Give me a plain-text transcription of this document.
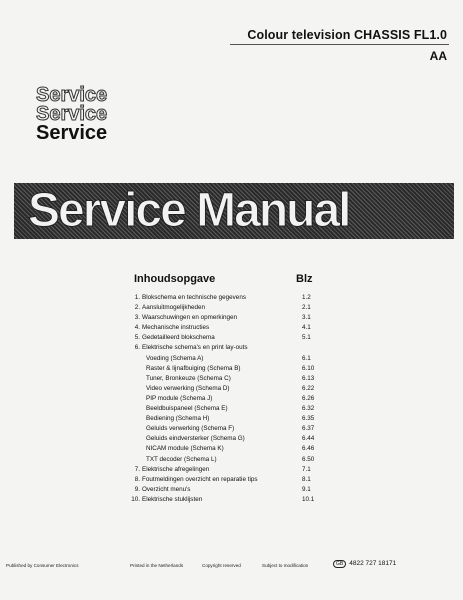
Colour television CHASSIS FL1.0
AA
Service
Service
Service
Service Manual
Inhoudsopgave	Blz
1. Blokschema en technische gegevens	1.2
2. Aansluitmogelijkheden	2.1
3. Waarschuwingen en opmerkingen	3.1
4. Mechanische instructies	4.1
5. Gedetailleerd blokschema	5.1
6. Elektrische schema's en print lay-outs
Voeding (Schema A)	6.1
Raster & lijnafbuiging (Schema B)	6.10
Tuner, Bronkeuze (Schema C)	6.13
Video verwerking (Schema D)	6.22
PIP module (Schema J)	6.26
Beeldbuispaneel (Schema E)	6.32
Bediening (Schema H)	6.35
Geluids verwerking (Schema F)	6.37
Geluids eindversterker (Schema G)	6.44
NICAM module (Schema K)	6.46
TXT decoder (Schema L)	6.50
7. Elektrische afregelingen	7.1
8. Foutmeldingen overzicht en reparatie tips	8.1
9. Overzicht menu's	9.1
10. Elektrische stuklijsten	10.1
Published by Consumer Electronics	Printed in the Netherlands	Copyright reserved	Subject to modification	GB 4822 727 18171
